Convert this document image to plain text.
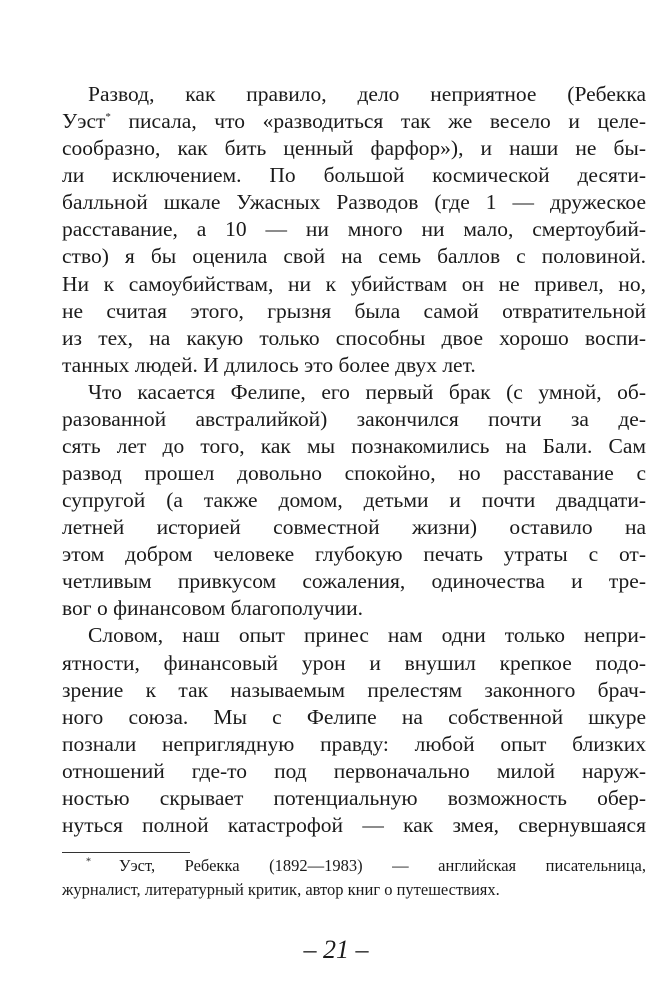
Развод, как правило, дело неприятное (Ребекка
Уэст* писала, что «разводиться так же весело и целе-
сообразно, как бить ценный фарфор»), и наши не бы-
ли исключением. По большой космической десяти-
балльной шкале Ужасных Разводов (где 1 — дружеское
расставание, а 10 — ни много ни мало, смертоубий-
ство) я бы оценила свой на семь баллов с половиной.
Ни к самоубийствам, ни к убийствам он не привел, но,
не считая этого, грызня была самой отвратительной
из тех, на какую только способны двое хорошо воспи-
танных людей. И длилось это более двух лет.
Что касается Фелипе, его первый брак (с умной, об-
разованной австралийкой) закончился почти за де-
сять лет до того, как мы познакомились на Бали. Сам
развод прошел довольно спокойно, но расставание с
супругой (а также домом, детьми и почти двадцати-
летней историей совместной жизни) оставило на
этом добром человеке глубокую печать утраты с от-
четливым привкусом сожаления, одиночества и тре-
вог о финансовом благополучии.
Словом, наш опыт принес нам одни только непри-
ятности, финансовый урон и внушил крепкое подо-
зрение к так называемым прелестям законного брач-
ного союза. Мы с Фелипе на собственной шкуре
познали неприглядную правду: любой опыт близких
отношений где-то под первоначально милой наруж-
ностью скрывает потенциальную возможность обер-
нуться полной катастрофой — как змея, свернувшаяся
* Уэст, Ребекка (1892—1983) — английская писательница,
журналист, литературный критик, автор книг о путешествиях.
– 21 –
